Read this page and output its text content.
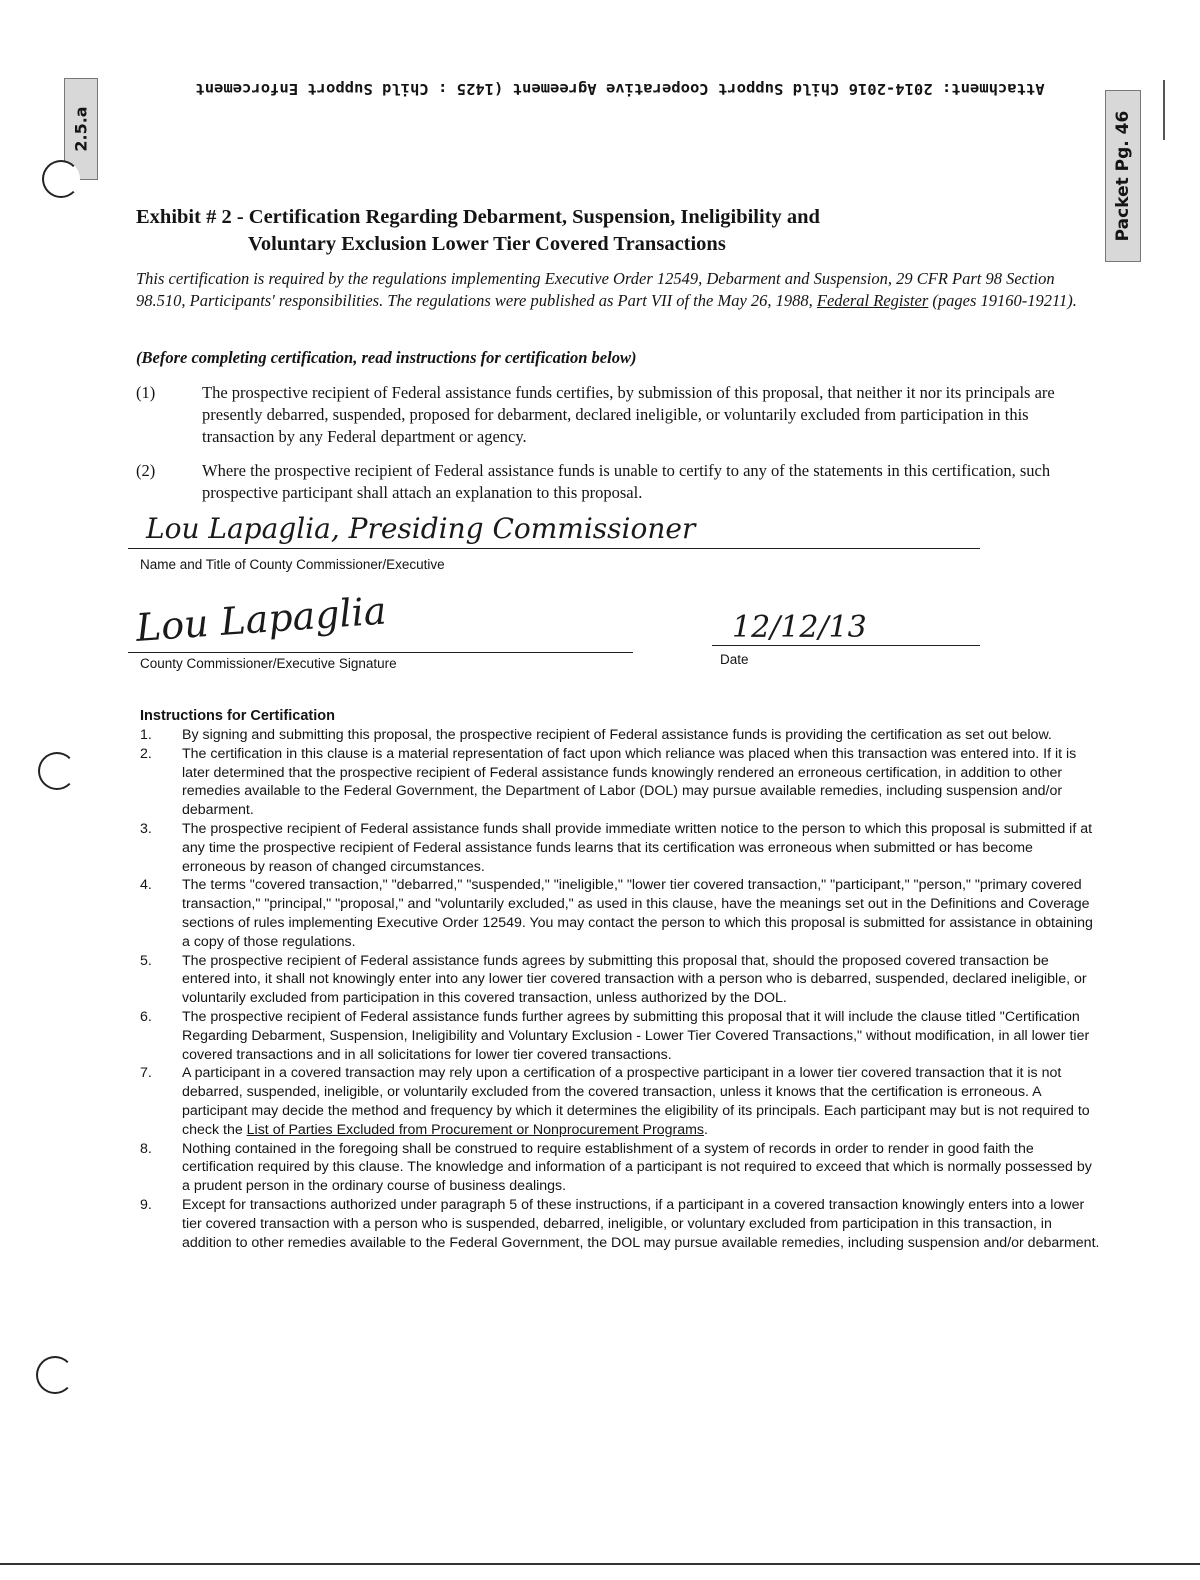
Attachment: 2014-2016 Child Support Cooperative Agreement (1425 : Child Support Enforcement
2.5.a	Packet Pg. 46
Exhibit # 2 - Certification Regarding Debarment, Suspension, Ineligibility and
Voluntary Exclusion Lower Tier Covered Transactions
This certification is required by the regulations implementing Executive Order 12549, Debarment and Suspension, 29 CFR Part 98 Section 98.510, Participants' responsibilities. The regulations were published as Part VII of the May 26, 1988, Federal Register (pages 19160-19211).
(Before completing certification, read instructions for certification below)
(1)	The prospective recipient of Federal assistance funds certifies, by submission of this proposal, that neither it nor its principals are presently debarred, suspended, proposed for debarment, declared ineligible, or voluntarily excluded from participation in this transaction by any Federal department or agency.
(2)	Where the prospective recipient of Federal assistance funds is unable to certify to any of the statements in this certification, such prospective participant shall attach an explanation to this proposal.
Lou Lapaglia, Presiding Commissioner
Name and Title of County Commissioner/Executive
Lou Lapaglia
County Commissioner/Executive Signature
12/12/13
Date
Instructions for Certification
1.	By signing and submitting this proposal, the prospective recipient of Federal assistance funds is providing the certification as set out below.
2.	The certification in this clause is a material representation of fact upon which reliance was placed when this transaction was entered into. If it is later determined that the prospective recipient of Federal assistance funds knowingly rendered an erroneous certification, in addition to other remedies available to the Federal Government, the Department of Labor (DOL) may pursue available remedies, including suspension and/or debarment.
3.	The prospective recipient of Federal assistance funds shall provide immediate written notice to the person to which this proposal is submitted if at any time the prospective recipient of Federal assistance funds learns that its certification was erroneous when submitted or has become erroneous by reason of changed circumstances.
4.	The terms "covered transaction," "debarred," "suspended," "ineligible," "lower tier covered transaction," "participant," "person," "primary covered transaction," "principal," "proposal," and "voluntarily excluded," as used in this clause, have the meanings set out in the Definitions and Coverage sections of rules implementing Executive Order 12549. You may contact the person to which this proposal is submitted for assistance in obtaining a copy of those regulations.
5.	The prospective recipient of Federal assistance funds agrees by submitting this proposal that, should the proposed covered transaction be entered into, it shall not knowingly enter into any lower tier covered transaction with a person who is debarred, suspended, declared ineligible, or voluntarily excluded from participation in this covered transaction, unless authorized by the DOL.
6.	The prospective recipient of Federal assistance funds further agrees by submitting this proposal that it will include the clause titled "Certification Regarding Debarment, Suspension, Ineligibility and Voluntary Exclusion - Lower Tier Covered Transactions," without modification, in all lower tier covered transactions and in all solicitations for lower tier covered transactions.
7.	A participant in a covered transaction may rely upon a certification of a prospective participant in a lower tier covered transaction that it is not debarred, suspended, ineligible, or voluntarily excluded from the covered transaction, unless it knows that the certification is erroneous. A participant may decide the method and frequency by which it determines the eligibility of its principals. Each participant may but is not required to check the List of Parties Excluded from Procurement or Nonprocurement Programs.
8.	Nothing contained in the foregoing shall be construed to require establishment of a system of records in order to render in good faith the certification required by this clause. The knowledge and information of a participant is not required to exceed that which is normally possessed by a prudent person in the ordinary course of business dealings.
9.	Except for transactions authorized under paragraph 5 of these instructions, if a participant in a covered transaction knowingly enters into a lower tier covered transaction with a person who is suspended, debarred, ineligible, or voluntary excluded from participation in this transaction, in addition to other remedies available to the Federal Government, the DOL may pursue available remedies, including suspension and/or debarment.
